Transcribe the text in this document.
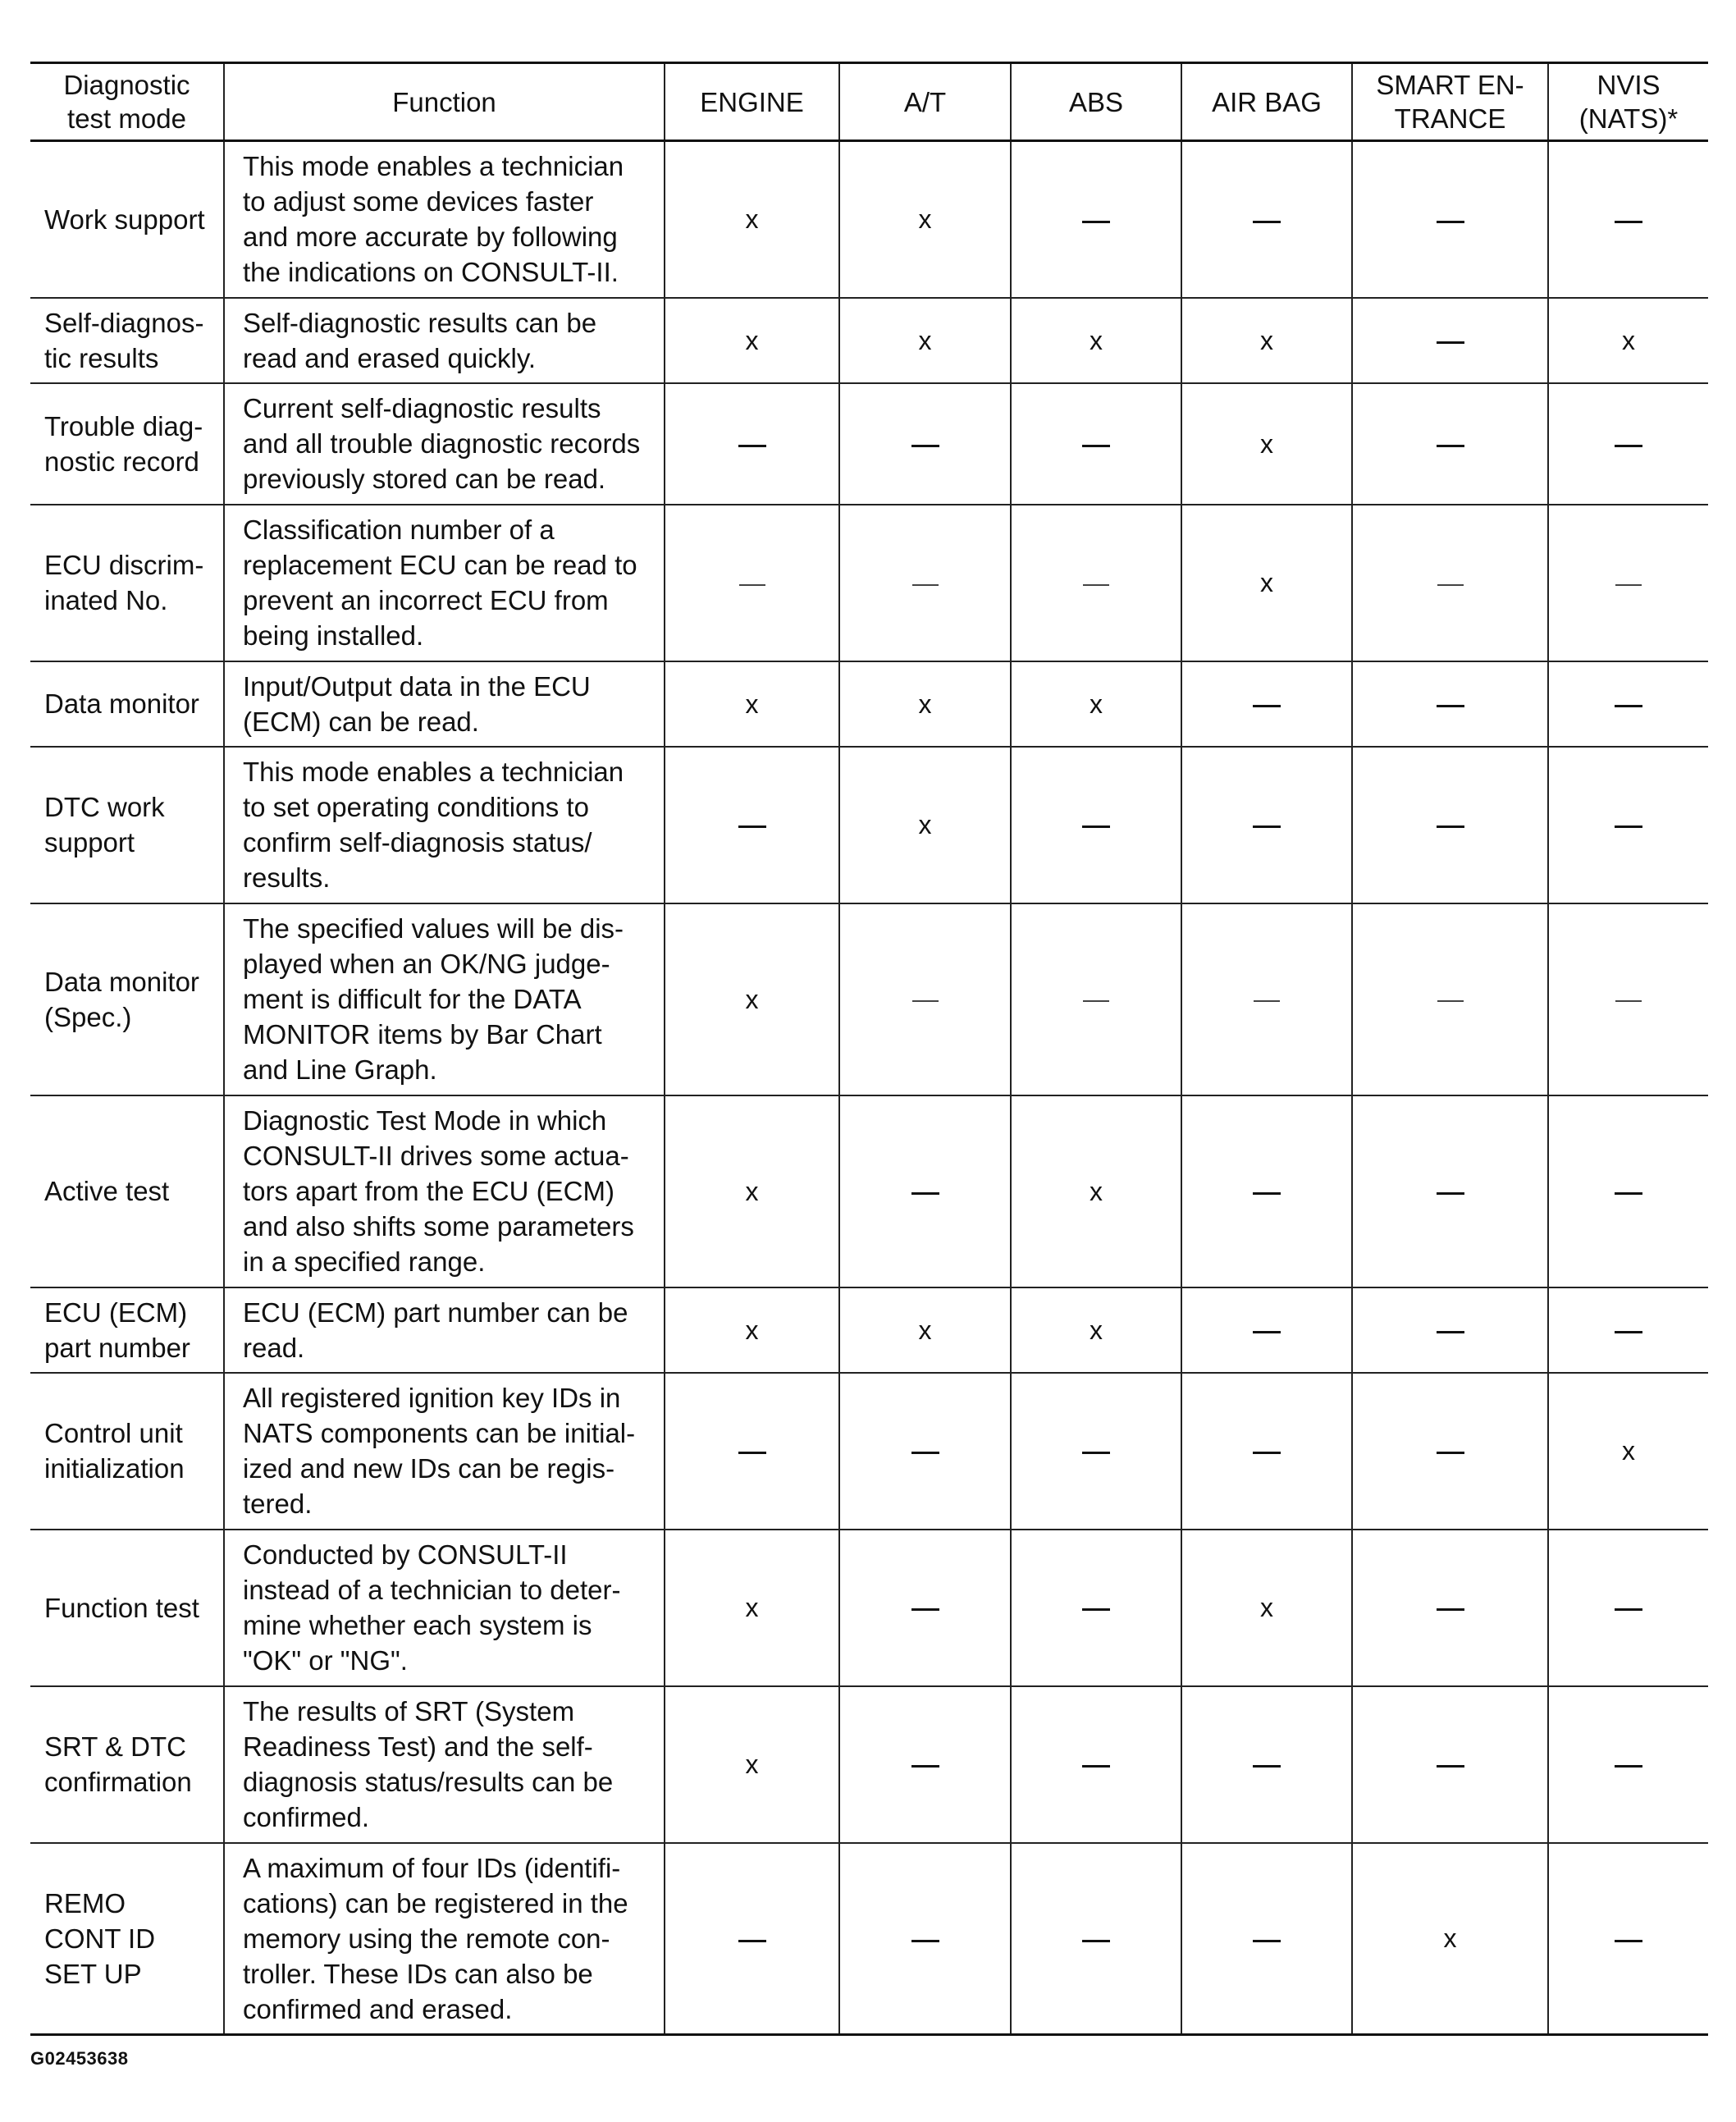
Diagnostic
test mode	Function	ENGINE	A/T	ABS	AIR BAG	SMART EN-
TRANCE	NVIS
(NATS)*
Work support	This mode enables a technician
to adjust some devices faster
and more accurate by following
the indications on CONSULT-II.	x	x				
Self-diagnos-
tic results	Self-diagnostic results can be
read and erased quickly.	x	x	x	x		x
Trouble diag-
nostic record	Current self-diagnostic results
and all trouble diagnostic records
previously stored can be read.				x		
ECU discrim-
inated No.	Classification number of a
replacement ECU can be read to
prevent an incorrect ECU from
being installed.				x		
Data monitor	Input/Output data in the ECU
(ECM) can be read.	x	x	x			
DTC work
support	This mode enables a technician
to set operating conditions to
confirm self-diagnosis status/
results.		x				
Data monitor
(Spec.)	The specified values will be dis-
played when an OK/NG judge-
ment is difficult for the DATA
MONITOR items by Bar Chart
and Line Graph.	x					
Active test	Diagnostic Test Mode in which
CONSULT-II drives some actua-
tors apart from the ECU (ECM)
and also shifts some parameters
in a specified range.	x		x			
ECU (ECM)
part number	ECU (ECM) part number can be
read.	x	x	x			
Control unit
initialization	All registered ignition key IDs in
NATS components can be initial-
ized and new IDs can be regis-
tered.						x
Function test	Conducted by CONSULT-II
instead of a technician to deter-
mine whether each system is
"OK" or "NG".	x			x		
SRT & DTC
confirmation	The results of SRT (System
Readiness Test) and the self-
diagnosis status/results can be
confirmed.	x					
REMO
CONT ID
SET UP	A maximum of four IDs (identifi-
cations) can be registered in the
memory using the remote con-
troller. These IDs can also be
confirmed and erased.					x	
G02453638
